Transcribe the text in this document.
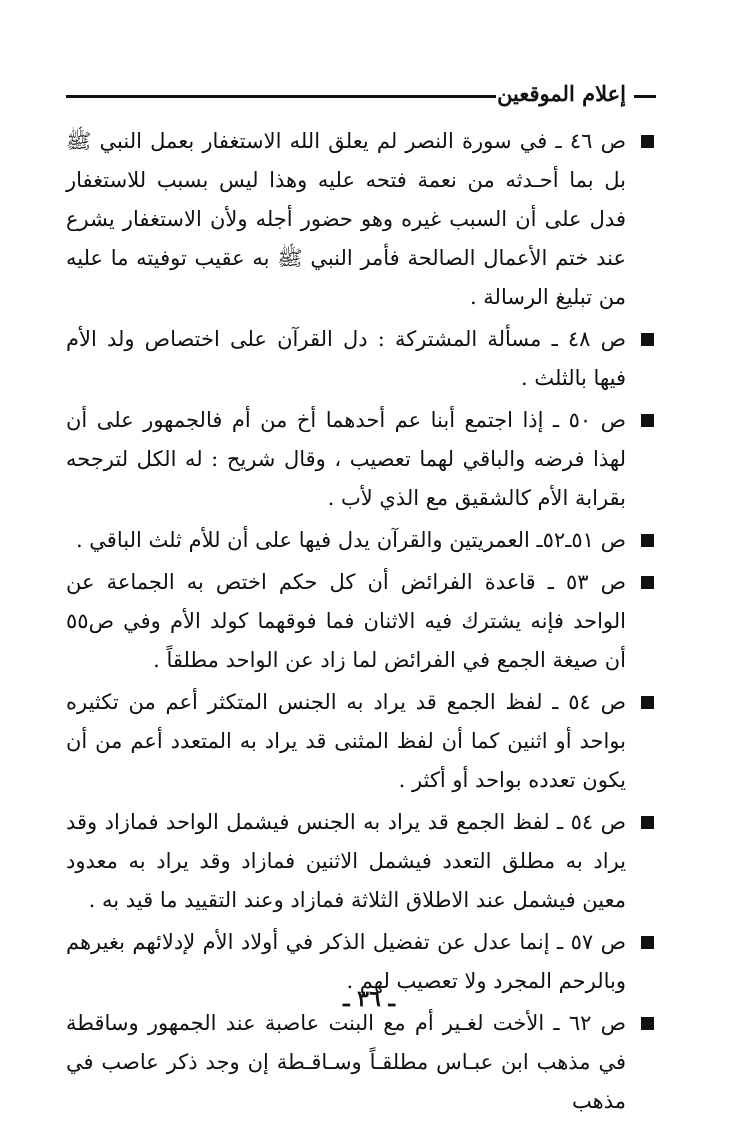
إعلام الموقعين
ص ٤٦ ـ في سورة النصر لم يعلق الله الاستغفار بعمل النبي ﷺ بل بما أحـدثه من نعمة فتحه عليه وهذا ليس بسبب للاستغفار فدل على أن السبب غيره وهو حضور أجله ولأن الاستغفار يشرع عند ختم الأعمال الصالحة فأمر النبي ﷺ به عقيب توفيته ما عليه من تبليغ الرسالة .
ص ٤٨ ـ مسألة المشتركة : دل القرآن على اختصاص ولد الأم فيها بالثلث .
ص ٥٠ ـ إذا اجتمع أبنا عم أحدهما أخ من أم فالجمهور على أن لهذا فرضه والباقي لهما تعصيب ، وقال شريح : له الكل لترجحه بقرابة الأم كالشقيق مع الذي لأب .
ص ٥١ـ٥٢ـ العمريتين والقرآن يدل فيها على أن للأم ثلث الباقي .
ص ٥٣ ـ قاعدة الفرائض أن كل حكم اختص به الجماعة عن الواحد فإنه يشترك فيه الاثنان فما فوقهما كولد الأم وفي ص٥٥ أن صيغة الجمع في الفرائض لما زاد عن الواحد مطلقاً .
ص ٥٤ ـ لفظ الجمع قد يراد به الجنس المتكثر أعم من تكثيره بواحد أو اثنين كما أن لفظ المثنى قد يراد به المتعدد أعم من أن يكون تعدده بواحد أو أكثر .
ص ٥٤ ـ لفظ الجمع قد يراد به الجنس فيشمل الواحد فمازاد وقد يراد به مطلق التعدد فيشمل الاثنين فمازاد وقد يراد به معدود معين فيشمل عند الاطلاق الثلاثة فمازاد وعند التقييد ما قيد به .
ص ٥٧ ـ إنما عدل عن تفضيل الذكر في أولاد الأم لإدلائهم بغيرهم وبالرحم المجرد ولا تعصيب لهم .
ص ٦٢ ـ الأخت لغـير أم مع البنت عاصبة عند الجمهور وساقطة في مذهب ابن عبـاس مطلقـاً وسـاقـطة إن وجد ذكر عاصب في مذهب
ـ ٣٦ ـ
